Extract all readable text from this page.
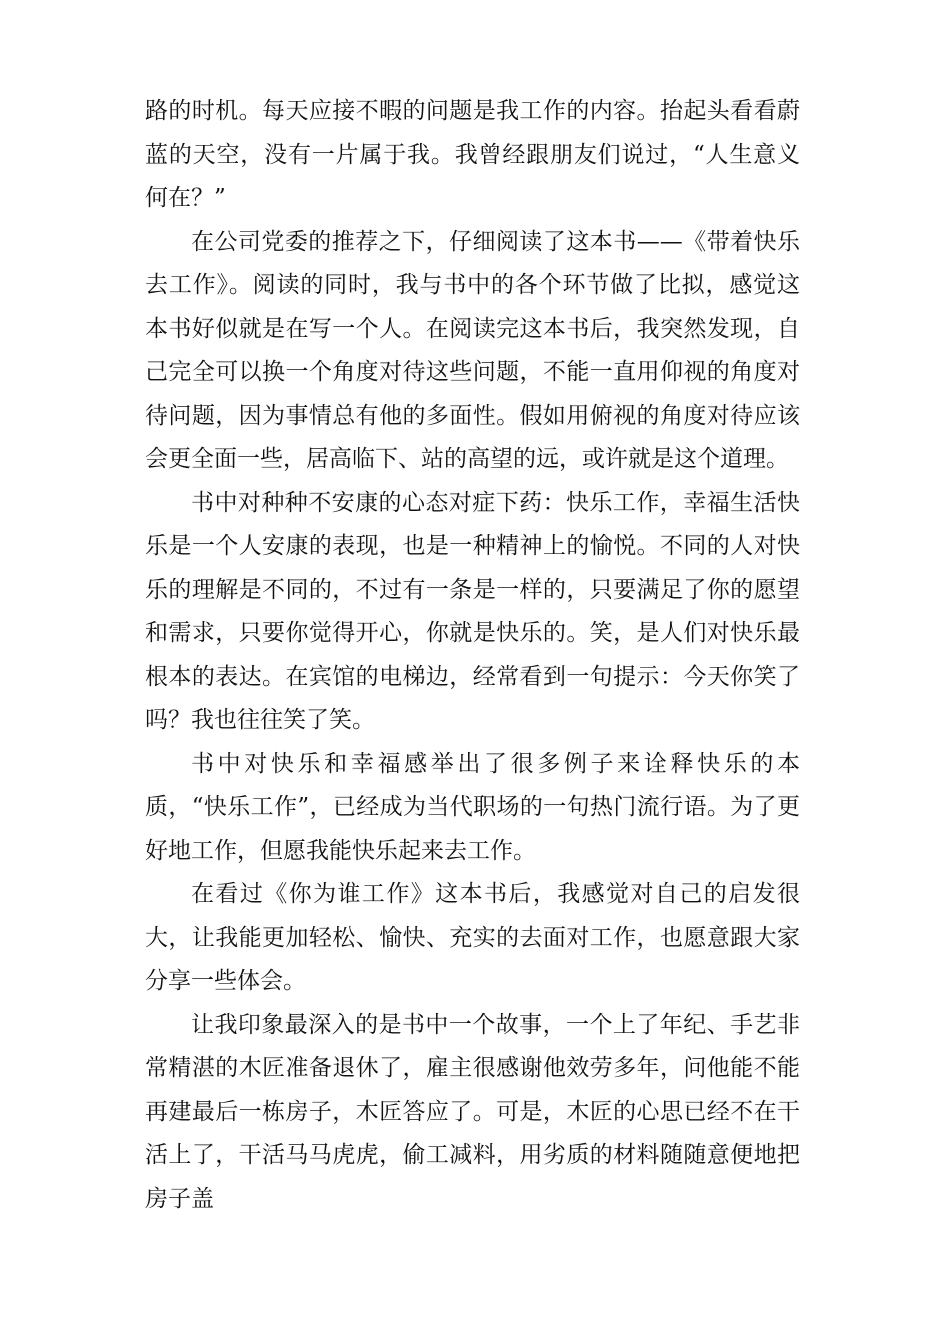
路的时机。每天应接不暇的问题是我工作的内容。抬起头看看蔚蓝的天空，没有一片属于我。我曾经跟朋友们说过，“人生意义何在？”

在公司党委的推荐之下，仔细阅读了这本书——《带着快乐去工作》。阅读的同时，我与书中的各个环节做了比拟，感觉这本书好似就是在写一个人。在阅读完这本书后，我突然发现，自己完全可以换一个角度对待这些问题，不能一直用仰视的角度对待问题，因为事情总有他的多面性。假如用俯视的角度对待应该会更全面一些，居高临下、站的高望的远，或许就是这个道理。

书中对种种不安康的心态对症下药：快乐工作，幸福生活快乐是一个人安康的表现，也是一种精神上的愉悦。不同的人对快乐的理解是不同的，不过有一条是一样的，只要满足了你的愿望和需求，只要你觉得开心，你就是快乐的。笑，是人们对快乐最根本的表达。在宾馆的电梯边，经常看到一句提示：今天你笑了吗？我也往往笑了笑。

书中对快乐和幸福感举出了很多例子来诠释快乐的本质，“快乐工作”，已经成为当代职场的一句热门流行语。为了更好地工作，但愿我能快乐起来去工作。

在看过《你为谁工作》这本书后，我感觉对自己的启发很大，让我能更加轻松、愉快、充实的去面对工作，也愿意跟大家分享一些体会。

让我印象最深入的是书中一个故事，一个上了年纪、手艺非常精湛的木匠准备退休了，雇主很感谢他效劳多年，问他能不能再建最后一栋房子，木匠答应了。可是，木匠的心思已经不在干活上了，干活马马虎虎，偷工减料，用劣质的材料随随意便地把房子盖
